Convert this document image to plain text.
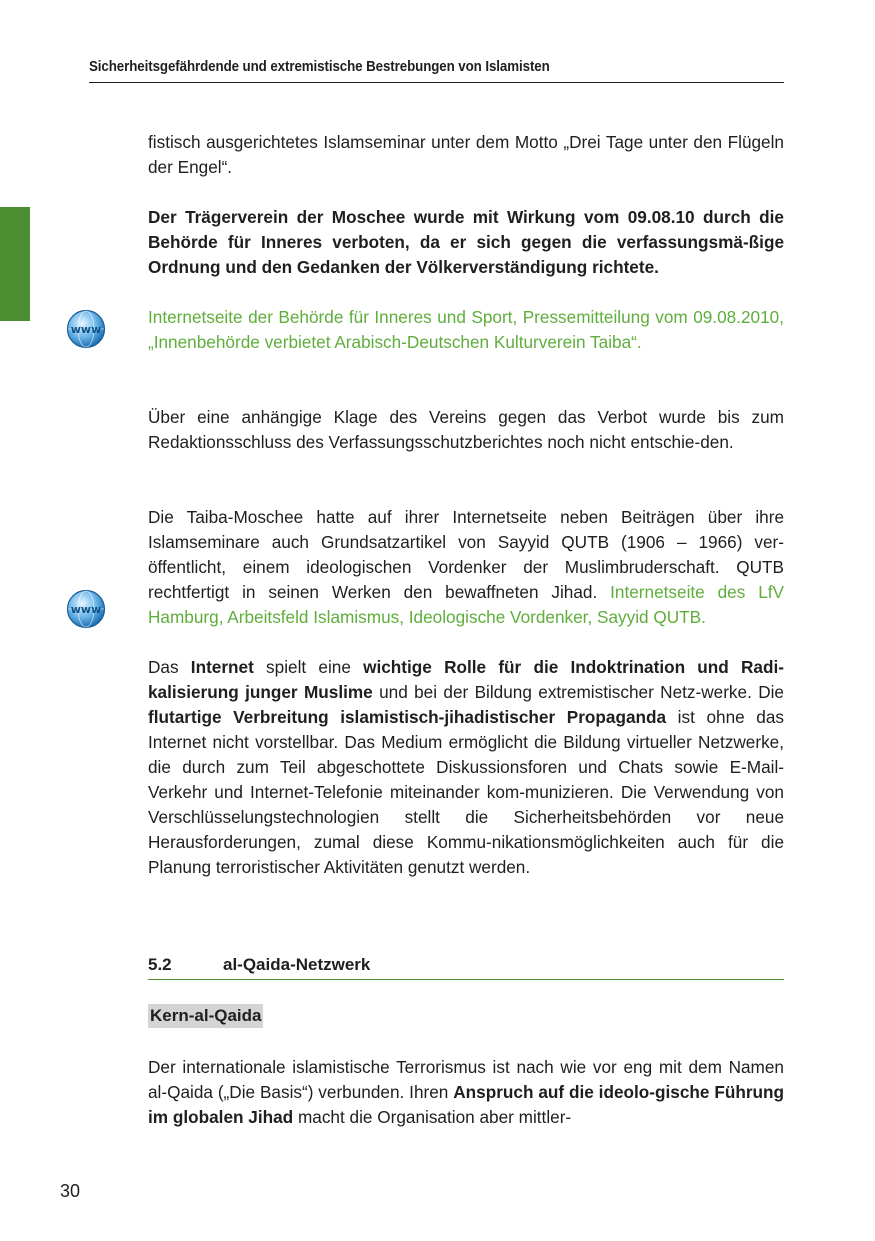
Sicherheitsgefährdende und extremistische Bestrebungen von Islamisten

fistisch ausgerichtetes Islamseminar unter dem Motto „Drei Tage unter den Flügeln der Engel“.

Der Trägerverein der Moschee wurde mit Wirkung vom 09.08.10 durch die Behörde für Inneres verboten, da er sich gegen die verfassungsmä-ßige Ordnung und den Gedanken der Völkerverständigung richtete.

www

Internetseite der Behörde für Inneres und Sport, Pressemitteilung vom 09.08.2010, „Innenbehörde verbietet Arabisch-Deutschen Kulturverein Taiba“.

Über eine anhängige Klage des Vereins gegen das Verbot wurde bis zum Redaktionsschluss des Verfassungsschutzberichtes noch nicht entschie-den.

www

Die Taiba-Moschee hatte auf ihrer Internetseite neben Beiträgen über ihre Islamseminare auch Grundsatzartikel von Sayyid QUTB (1906 – 1966) ver-öffentlicht, einem ideologischen Vordenker der Muslimbruderschaft. QUTB rechtfertigt in seinen Werken den bewaffneten Jihad. Internetseite des LfV Hamburg, Arbeitsfeld Islamismus, Ideologische Vordenker, Sayyid QUTB.

Das Internet spielt eine wichtige Rolle für die Indoktrination und Radi-kalisierung junger Muslime und bei der Bildung extremistischer Netz-werke. Die flutartige Verbreitung islamistisch-jihadistischer Propaganda ist ohne das Internet nicht vorstellbar. Das Medium ermöglicht die Bildung virtueller Netzwerke, die durch zum Teil abgeschottete Diskussionsforen und Chats sowie E-Mail-Verkehr und Internet-Telefonie miteinander kom-munizieren. Die Verwendung von Verschlüsselungstechnologien stellt die Sicherheitsbehörden vor neue Herausforderungen, zumal diese Kommu-nikationsmöglichkeiten auch für die Planung terroristischer Aktivitäten genutzt werden.

5.2	al-Qaida-Netzwerk
Kern-al-Qaida

Der internationale islamistische Terrorismus ist nach wie vor eng mit dem Namen al-Qaida („Die Basis“) verbunden. Ihren Anspruch auf die ideolo-gische Führung im globalen Jihad macht die Organisation aber mittler-

30
